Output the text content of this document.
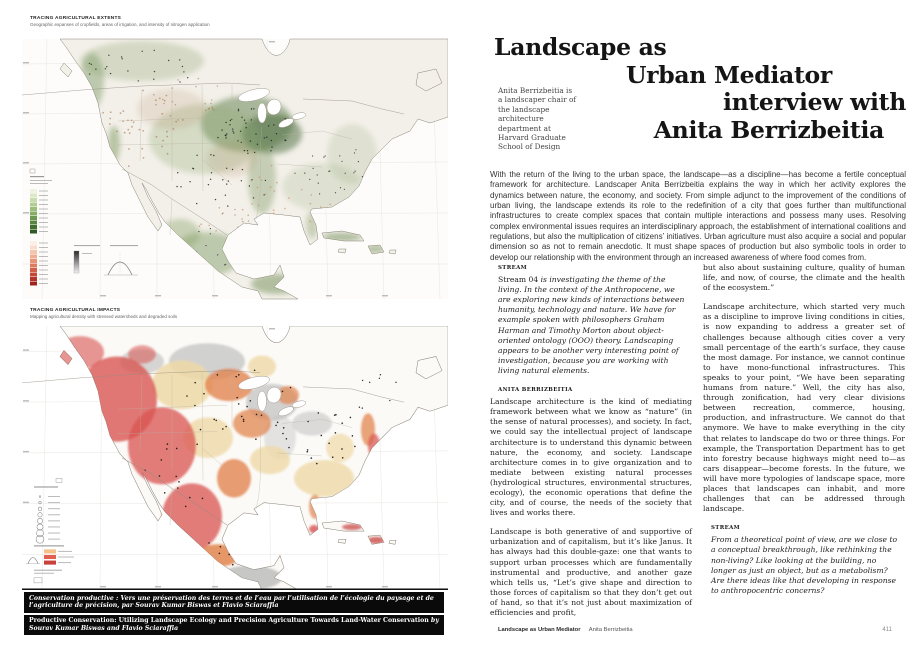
TRACING AGRICULTURAL EXTENTS
Geographic expanses of cropfields, areas of irrigation, and intensity of nitrogen application
TRACING AGRICULTURAL IMPACTS
Mapping agricultural density with stressed watersheds and degraded soils
Conservation productive : Vers une préservation des terres et de l’eau par l’utilisation de l’écologie du paysage et de l’agriculture de précision, par Sourav Kumar Biswas et Flavio Sciaraffia
Productive Conservation: Utilizing Landscape Ecology and Precision Agriculture Towards Land-Water Conservation by Sourav Kumar Biswas and Flavio Sciaraffia
Landscape as
Urban Mediator
interview with
Anita Berrizbeitia
Anita Berrizbeitia is a landscaper chair of the landscape architecture department at Harvard Graduate School of Design
With the return of the living to the urban space, the landscape—as a discipline—has become a fertile conceptual framework for architecture. Landscaper Anita Berrizbeitia explains the way in which her activity explores the dynamics between nature, the economy, and society. From simple adjunct to the improvement of the conditions of urban living, the landscape extends its role to the redefinition of a city that goes further than multifunctional infrastructures to create complex spaces that contain multiple interactions and possess many uses. Resolving complex environmental issues requires an interdisciplinary approach, the establishment of international coalitions and regulations, but also the multiplication of citizens’ initiatives. Urban agriculture must also acquire a social and popular dimension so as not to remain anecdotic. It must shape spaces of production but also symbolic tools in order to develop our relationship with the environment through an increased awareness of where food comes from.
STREAM
Stream 04 is investigating the theme of the living. In the context of the Anthropocene, we are exploring new kinds of interactions between humanity, technology and nature. We have for example spoken with philosophers Graham Harman and Timothy Morton about object-oriented ontology (OOO) theory. Landscaping appears to be another very interesting point of investigation, because you are working with living natural elements.
ANITA BERRIZBEITIA
Landscape architecture is the kind of mediating framework between what we know as “nature” (in the sense of natural processes), and society. In fact, we could say the intellectual project of landscape architecture is to understand this dynamic between nature, the economy, and society. Landscape architecture comes in to give organization and to mediate between existing natural processes (hydrological structures, environmental structures, ecology), the economic operations that define the city, and of course, the needs of the society that lives and works there.
Landscape is both generative of and supportive of urbanization and of capitalism, but it’s like Janus. It has always had this double-gaze: one that wants to support urban processes which are fundamentally instrumental and productive, and another gaze which tells us, “Let’s give shape and direction to those forces of capitalism so that they don’t get out of hand, so that it’s not just about maximization of efficiencies and profit,
but also about sustaining culture, quality of human life, and now, of course, the climate and the health of the ecosystem.”
Landscape architecture, which started very much as a discipline to improve living conditions in cities, is now expanding to address a greater set of challenges because although cities cover a very small percentage of the earth’s surface, they cause the most damage. For instance, we cannot continue to have mono-functional infrastructures. This speaks to your point, “We have been separating humans from nature.” Well, the city has also, through zonification, had very clear divisions between recreation, commerce, housing, production, and infrastructure. We cannot do that anymore. We have to make everything in the city that relates to landscape do two or three things. For example, the Transportation Department has to get into forestry because highways might need to—as cars disappear—become forests. In the future, we will have more typologies of landscape space, more places that landscapes can inhabit, and more challenges that can be addressed through landscape.
STREAM
From a theoretical point of view, are we close to a conceptual breakthrough, like rethinking the non-living? Like looking at the building, no longer as just an object, but as a metabolism? Are there ideas like that developing in response to anthropocentric concerns?
Landscape as Urban Mediator Anita Berrizbeitia	411
